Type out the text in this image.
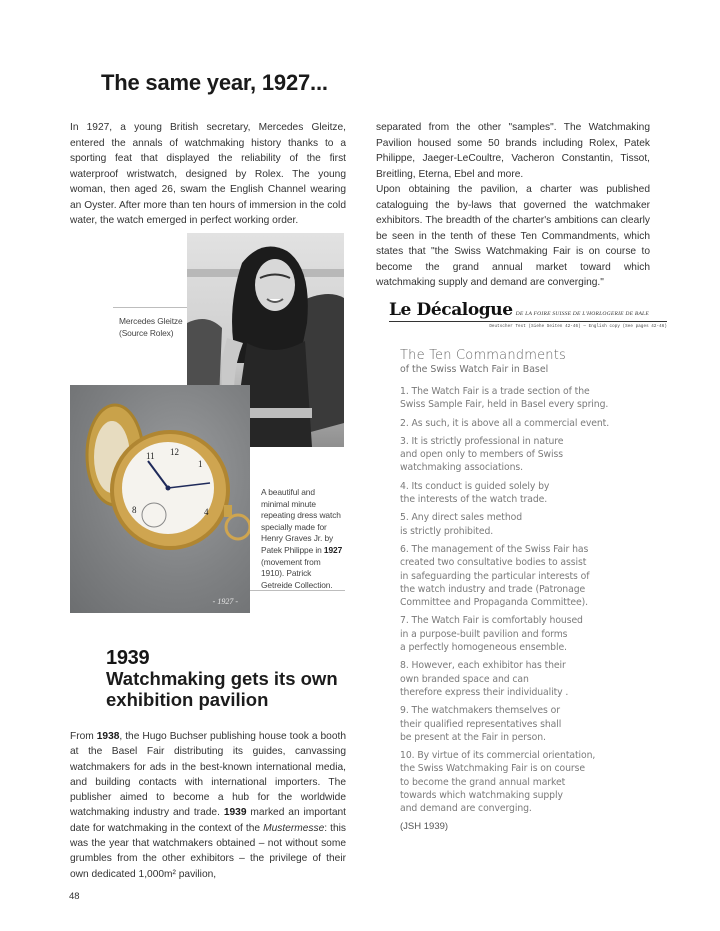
The same year, 1927...

In 1927, a young British secretary, Mercedes Gleitze, entered the annals of watchmaking history thanks to a sporting feat that displayed the reliability of the first waterproof wristwatch, designed by Rolex. The young woman, then aged 26, swam the English Channel wearing an Oyster. After more than ten hours of immersion in the cold water, the watch emerged in perfect working order.

separated from the other "samples". The Watchmaking Pavilion housed some 50 brands including Rolex, Patek Philippe, Jaeger-LeCoultre, Vacheron Constantin, Tissot, Breitling, Eterna, Ebel and more.

Upon obtaining the pavilion, a charter was published cataloguing the by-laws that governed the watchmaker exhibitors. The breadth of the charter's ambitions can clearly be seen in the tenth of these Ten Commandments, which states that "the Swiss Watchmaking Fair is on course to become the grand annual market toward which watchmaking supply and demand are converging."

Mercedes Gleitze
(Source Rolex)
11 12
1
8	4
- 1927 -
A beautiful and minimal minute repeating dress watch specially made for Henry Graves Jr. by Patek Philippe in 1927 (movement from 1910). Patrick Getreide Collection.
1939
Watchmaking gets its own exhibition pavilion
From 1938, the Hugo Buchser publishing house took a booth at the Basel Fair distributing its guides, canvassing watchmakers for ads in the best-known international media, and building contacts with international importers. The publisher aimed to become a hub for the worldwide watchmaking industry and trade. 1939 marked an important date for watchmaking in the context of the Mustermesse: this was the year that watchmakers obtained – not without some grumbles from the other exhibitors – the privilege of their own dedicated 1,000m² pavilion,
Le Décalogue DE LA FOIRE SUISSE DE L'HORLOGERIE DE BALE
Deutscher Text (Siehe Seiten 42-46) — English copy (See pages 42-46)
The Ten Commandments
of the Swiss Watch Fair in Basel
1. The Watch Fair is a trade section of the
Swiss Sample Fair, held in Basel every spring.
2. As such, it is above all a commercial event.
3. It is strictly professional in nature
and open only to members of Swiss
watchmaking associations.
4. Its conduct is guided solely by
the interests of the watch trade.
5. Any direct sales method
is strictly prohibited.
6. The management of the Swiss Fair has
created two consultative bodies to assist
in safeguarding the particular interests of
the watch industry and trade (Patronage
Committee and Propaganda Committee).
7. The Watch Fair is comfortably housed
in a purpose-built pavilion and forms
a perfectly homogeneous ensemble.
8. However, each exhibitor has their
own branded space and can
therefore express their individuality .
9. The watchmakers themselves or
their qualified representatives shall
be present at the Fair in person.
10. By virtue of its commercial orientation,
the Swiss Watchmaking Fair is on course
to become the grand annual market
towards which watchmaking supply
and demand are converging.
(JSH 1939)
48
